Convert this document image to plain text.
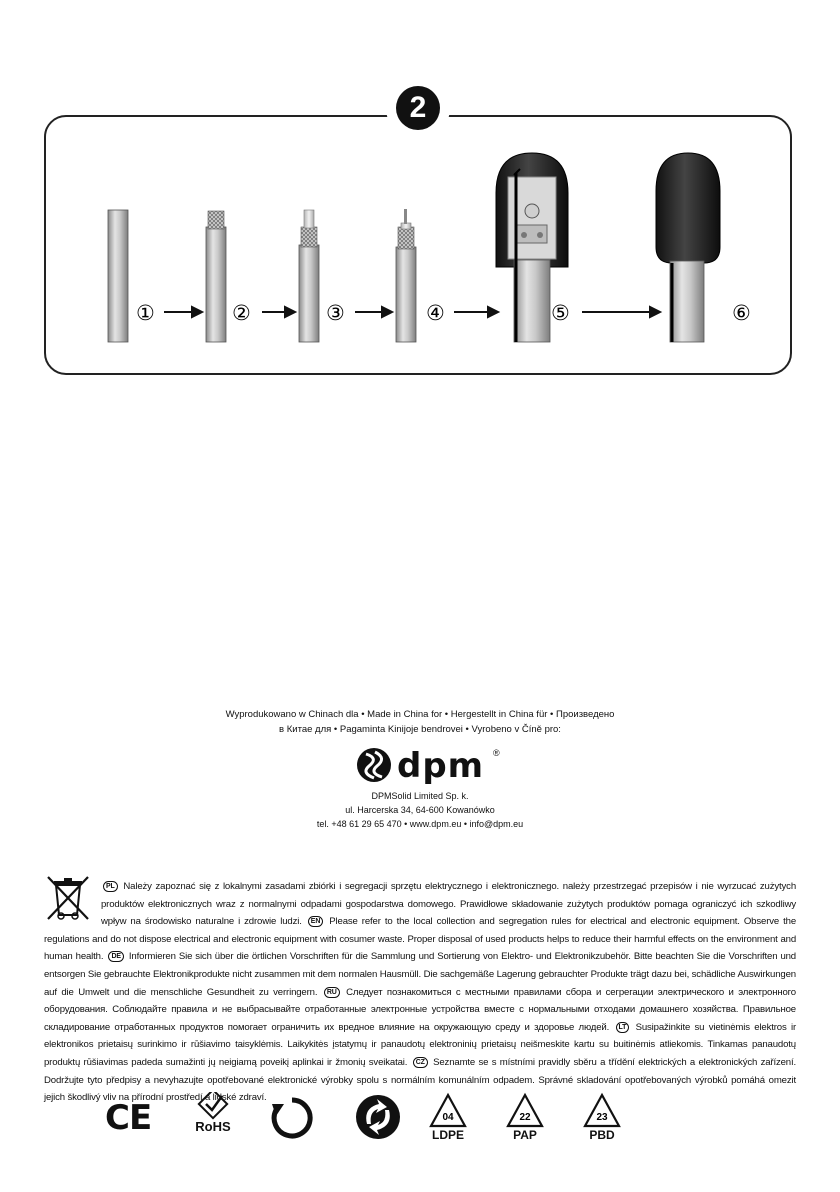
2
①	②	③	④	⑤	⑥
Wyprodukowano w Chinach dla • Made in China for • Hergestellt in China für • Произведено
в Китае для • Pagaminta Kinijoje bendrovei • Vyrobeno v Číně pro:
dpm ®
DPMSolid Limited Sp. k.
ul. Harcerska 34, 64-600 Kowanówko
tel. +48 61 29 65 470 • www.dpm.eu • info@dpm.eu
PL Należy zapoznać się z lokalnymi zasadami zbiórki i segregacji sprzętu elektrycznego i elektronicznego. należy przestrzegać przepisów i nie wyrzucać zużytych produktów elektronicznych wraz z normalnymi odpadami gospodarstwa domowego. Prawidłowe składowanie zużytych produktów pomaga ograniczyć ich szkodliwy wpływ na środowisko naturalne i zdrowie ludzi. EN Please refer to the local collection and segregation rules for electrical and electronic equipment. Observe the regulations and do not dispose electrical and electronic equipment with cosumer waste. Proper disposal of used products helps to reduce their harmful effects on the environment and human health. DE Informieren Sie sich über die örtlichen Vorschriften für die Sammlung und Sortierung von Elektro- und Elektronikzubehör. Bitte beachten Sie die Vorschriften und entsorgen Sie gebrauchte Elektronikprodukte nicht zusammen mit dem normalen Hausmüll. Die sachgemäße Lagerung gebrauchter Produkte trägt dazu bei, schädliche Auswirkungen auf die Umwelt und die menschliche Gesundheit zu verringern. RU Следует познакомиться с местными правилами сбора и сегрегации электрического и электронного оборудования. Соблюдайте правила и не выбрасывайте отработанные электронные устройства вместе с нормальными отходами домашнего хозяйства. Правильное складирование отработанных продуктов помогает ограничить их вредное влияние на окружающую среду и здоровье людей. LT Susipažinkite su vietinėmis elektros ir elektronikos prietaisų surinkimo ir rūšiavimo taisyklėmis. Laikykitės įstatymų ir panaudotų elektroninių prietaisų neišmeskite kartu su buitinėmis atliekomis. Tinkamas panaudotų produktų rūšiavimas padeda sumažinti jų neigiamą poveikį aplinkai ir žmonių sveikatai. CZ Seznamte se s místními pravidly sběru a třídění elektrických a elektronických zařízení. Dodržujte tyto předpisy a nevyhazujte opotřebované elektronické výrobky spolu s normálním komunálním odpadem. Správné skladování opotřebovaných výrobků pomáhá omezit jejich škodlivý vliv na přírodní prostředí a lidské zdraví.
CE	RoHS
04
LDPE
22
PAP
23
PBD
